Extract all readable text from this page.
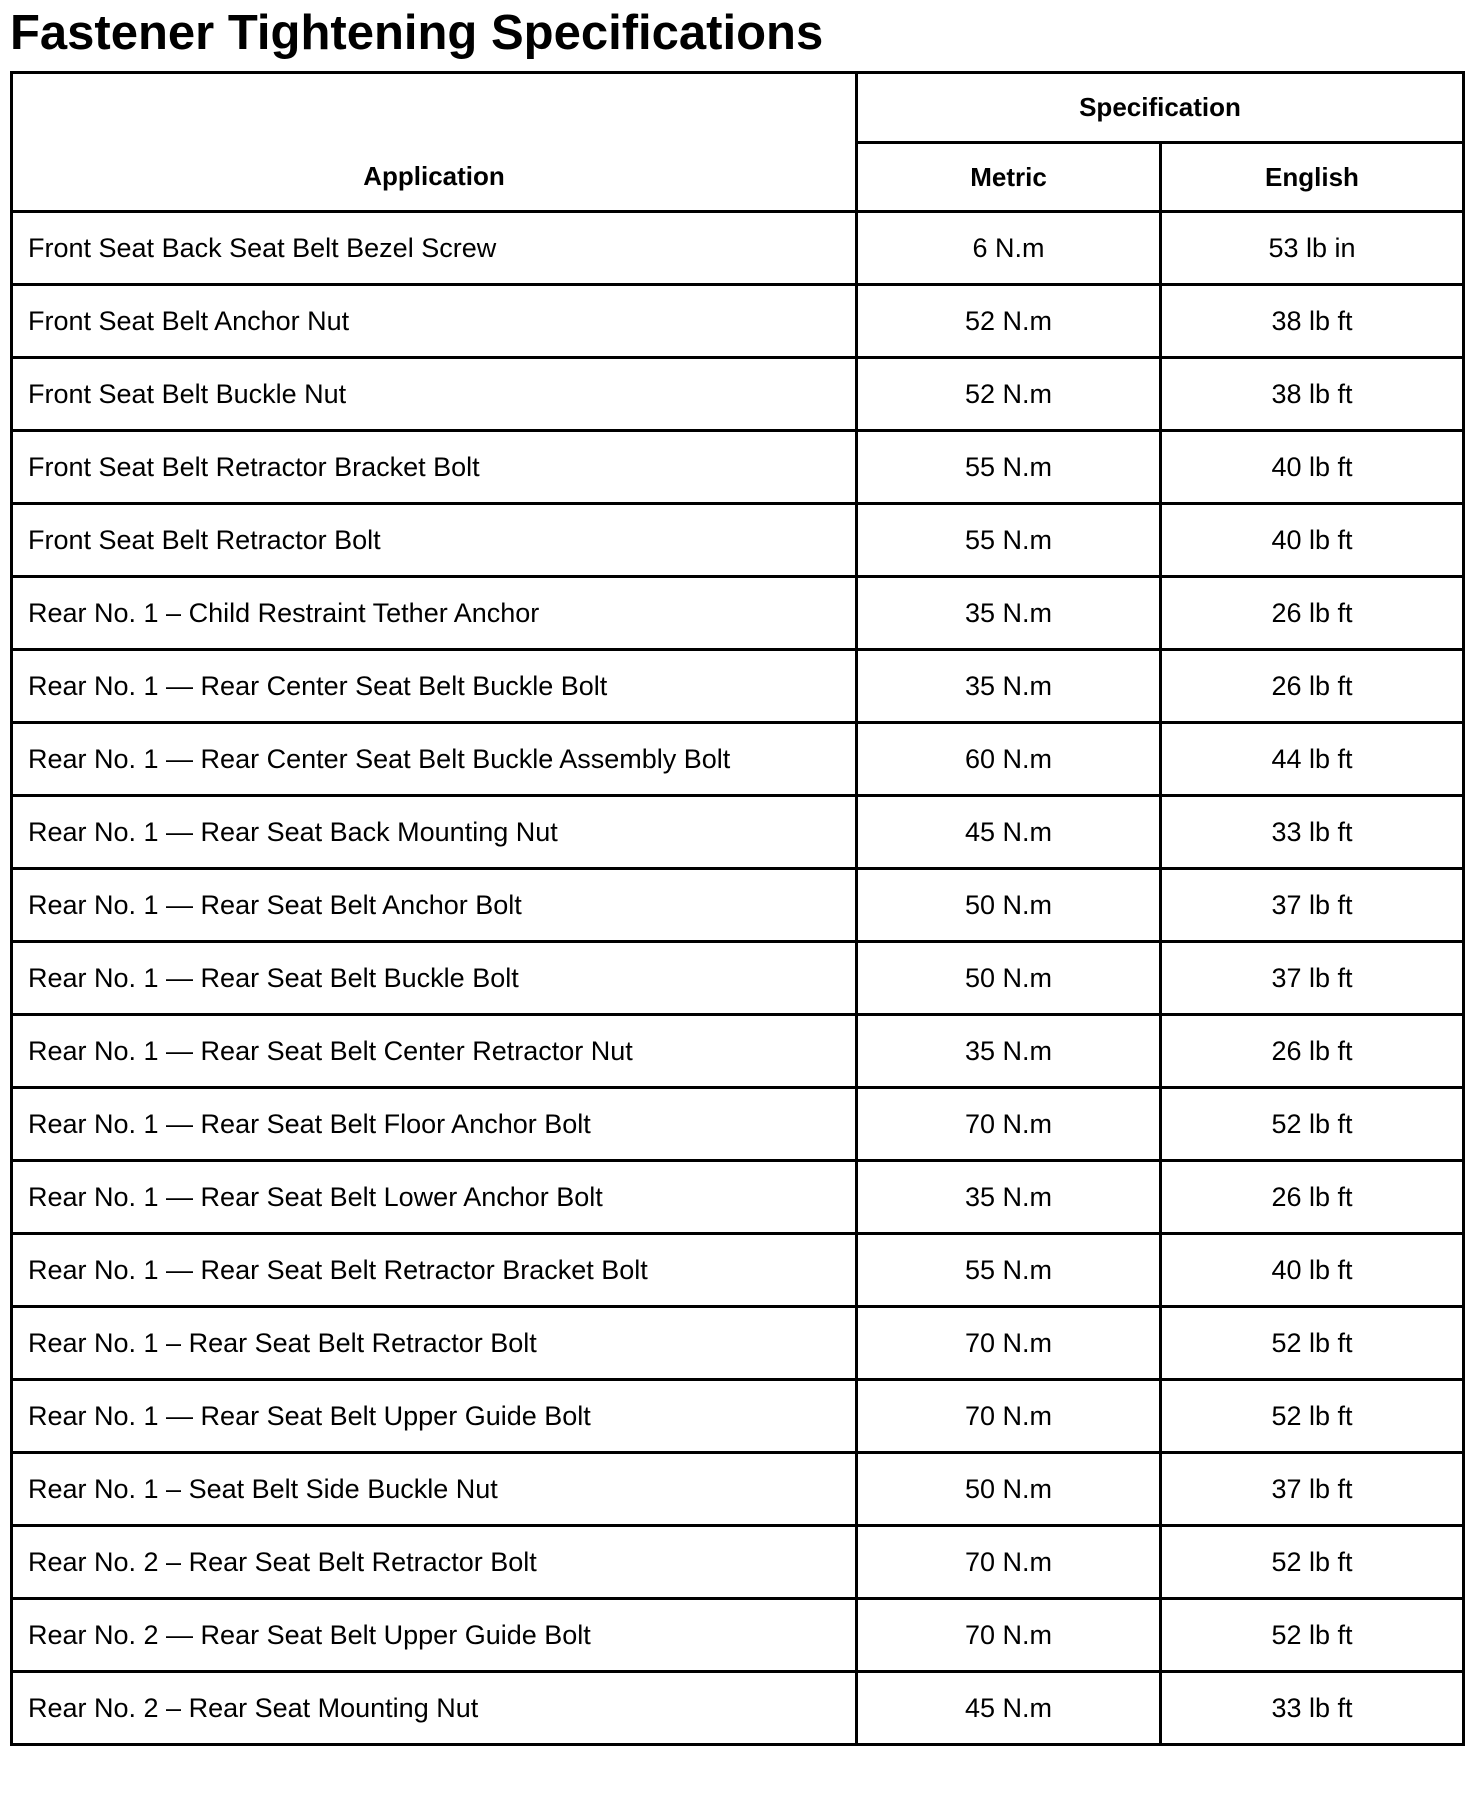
Fastener Tightening Specifications
Application	Specification	
	Metric	English
Front Seat Back Seat Belt Bezel Screw	6 N.m	53 lb in
Front Seat Belt Anchor Nut	52 N.m	38 lb ft
Front Seat Belt Buckle Nut	52 N.m	38 lb ft
Front Seat Belt Retractor Bracket Bolt	55 N.m	40 lb ft
Front Seat Belt Retractor Bolt	55 N.m	40 lb ft
Rear No. 1 – Child Restraint Tether Anchor	35 N.m	26 lb ft
Rear No. 1 — Rear Center Seat Belt Buckle Bolt	35 N.m	26 lb ft
Rear No. 1 — Rear Center Seat Belt Buckle Assembly Bolt	60 N.m	44 lb ft
Rear No. 1 — Rear Seat Back Mounting Nut	45 N.m	33 lb ft
Rear No. 1 — Rear Seat Belt Anchor Bolt	50 N.m	37 lb ft
Rear No. 1 — Rear Seat Belt Buckle Bolt	50 N.m	37 lb ft
Rear No. 1 — Rear Seat Belt Center Retractor Nut	35 N.m	26 lb ft
Rear No. 1 — Rear Seat Belt Floor Anchor Bolt	70 N.m	52 lb ft
Rear No. 1 — Rear Seat Belt Lower Anchor Bolt	35 N.m	26 lb ft
Rear No. 1 — Rear Seat Belt Retractor Bracket Bolt	55 N.m	40 lb ft
Rear No. 1 – Rear Seat Belt Retractor Bolt	70 N.m	52 lb ft
Rear No. 1 — Rear Seat Belt Upper Guide Bolt	70 N.m	52 lb ft
Rear No. 1 – Seat Belt Side Buckle Nut	50 N.m	37 lb ft
Rear No. 2 – Rear Seat Belt Retractor Bolt	70 N.m	52 lb ft
Rear No. 2 — Rear Seat Belt Upper Guide Bolt	70 N.m	52 lb ft
Rear No. 2 – Rear Seat Mounting Nut	45 N.m	33 lb ft
